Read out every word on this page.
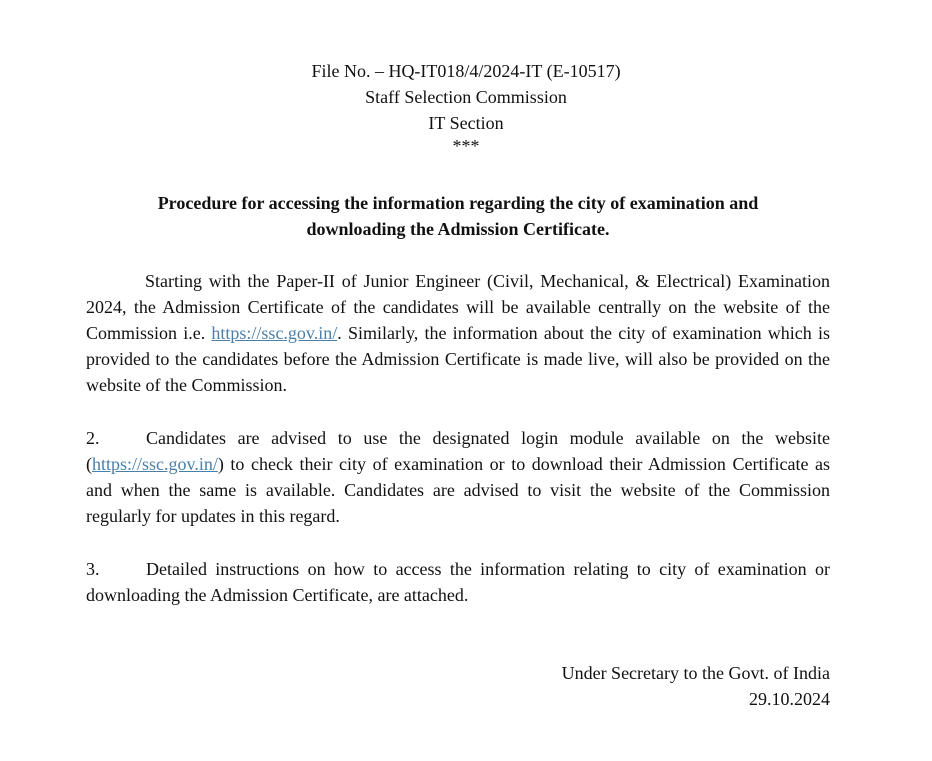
File No. – HQ-IT018/4/2024-IT (E-10517)
Staff Selection Commission
IT Section
***
Procedure for accessing the information regarding the city of examination and
downloading the Admission Certificate.
Starting with the Paper-II of Junior Engineer (Civil, Mechanical, & Electrical) Examination 2024, the Admission Certificate of the candidates will be available centrally on the website of the Commission i.e. https://ssc.gov.in/. Similarly, the information about the city of examination which is provided to the candidates before the Admission Certificate is made live, will also be provided on the website of the Commission.
2.	Candidates are advised to use the designated login module available on the website (https://ssc.gov.in/) to check their city of examination or to download their Admission Certificate as and when the same is available. Candidates are advised to visit the website of the Commission regularly for updates in this regard.
3.	Detailed instructions on how to access the information relating to city of examination or downloading the Admission Certificate, are attached.
Under Secretary to the Govt. of India
29.10.2024
